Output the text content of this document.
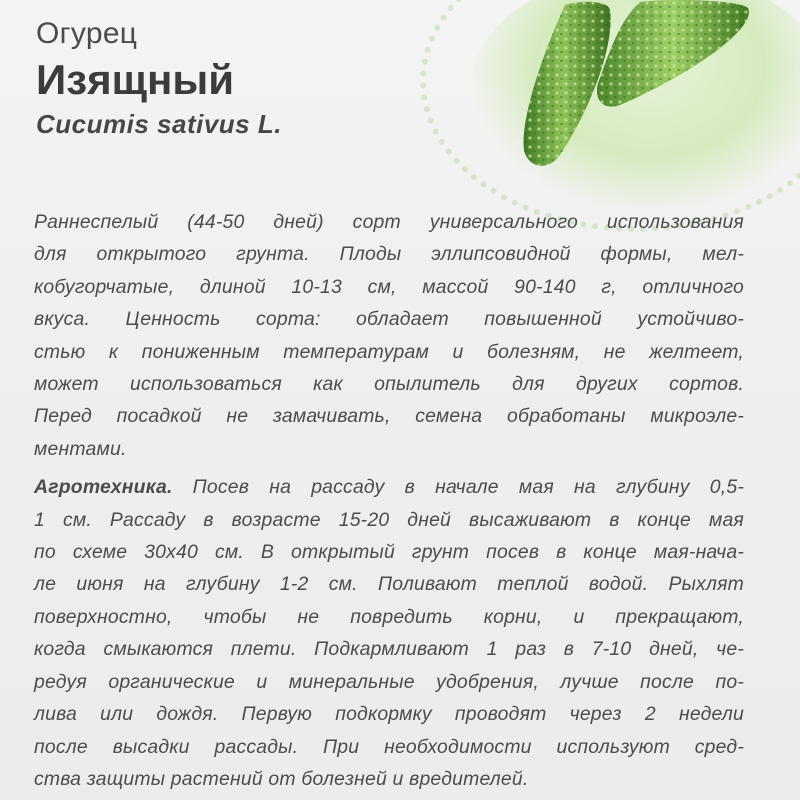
Огурец

Изящный

Cucumis sativus L.

Раннеспелый (44-50 дней) сорт универсального использования
для открытого грунта. Плоды эллипсовидной формы, мел-
кобугорчатые, длиной 10-13 см, массой 90-140 г, отличного
вкуса. Ценность сорта: обладает повышенной устойчиво-
стью к пониженным температурам и болезням, не желтеет,
может использоваться как опылитель для других сортов.
Перед посадкой не замачивать, семена обработаны микроэле-
ментами.
Агротехника. Посев на рассаду в начале мая на глубину 0,5-
1 см. Рассаду в возрасте 15-20 дней высаживают в конце мая
по схеме 30х40 см. В открытый грунт посев в конце мая-нача-
ле июня на глубину 1-2 см. Поливают теплой водой. Рыхлят
поверхностно, чтобы не повредить корни, и прекращают,
когда смыкаются плети. Подкармливают 1 раз в 7-10 дней, че-
редуя органические и минеральные удобрения, лучше после по-
лива или дождя. Первую подкормку проводят через 2 недели
после высадки рассады. При необходимости используют сред-
ства защиты растений от болезней и вредителей.
